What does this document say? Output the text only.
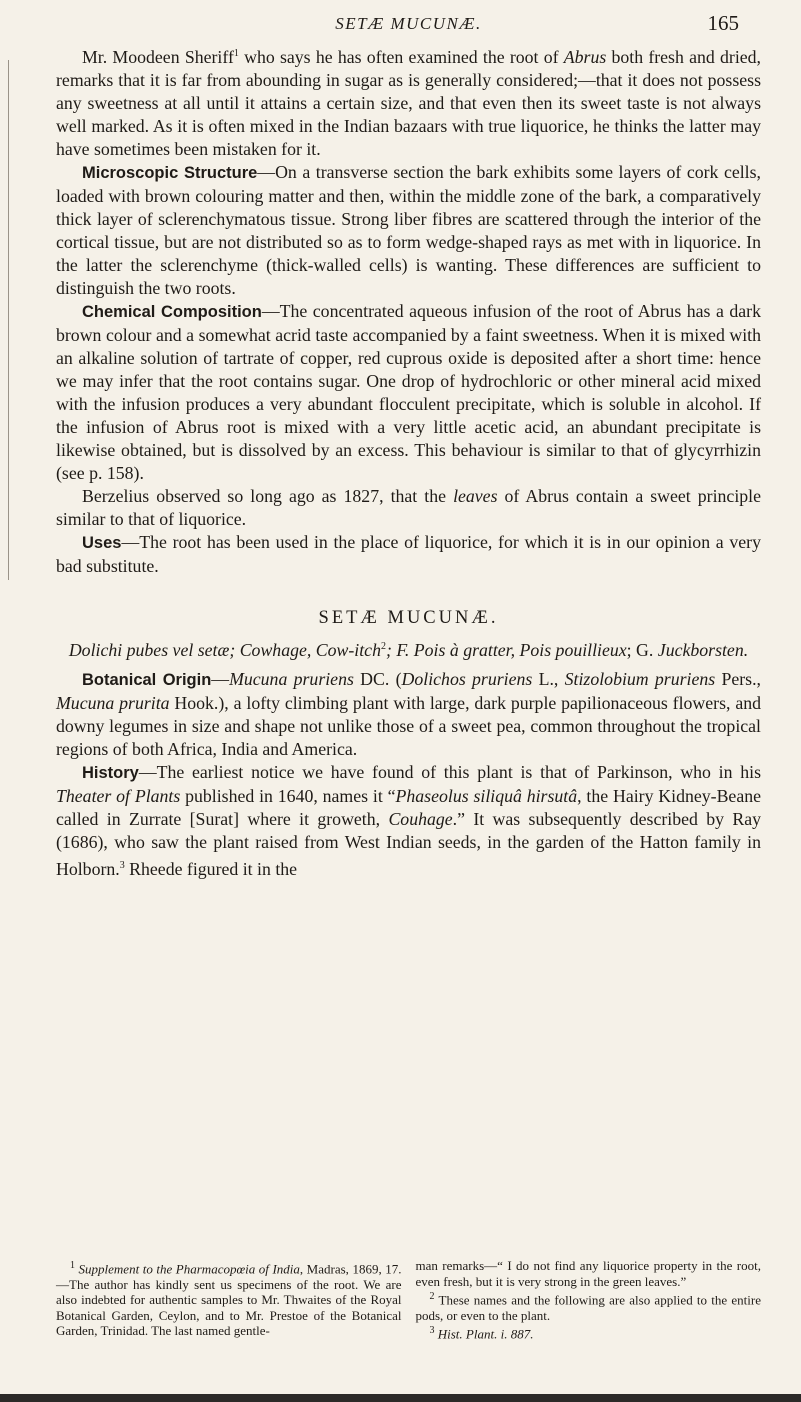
SETÆ MUCUNÆ.	165

Mr. Moodeen Sheriff$^1$ who says he has often examined the root of Abrus both fresh and dried, remarks that it is far from abounding in sugar as is generally considered;—that it does not possess any sweetness at all until it attains a certain size, and that even then its sweet taste is not always well marked. As it is often mixed in the Indian bazaars with true liquorice, he thinks the latter may have sometimes been mistaken for it.

Microscopic Structure—On a transverse section the bark exhibits some layers of cork cells, loaded with brown colouring matter and then, within the middle zone of the bark, a comparatively thick layer of sclerenchymatous tissue. Strong liber fibres are scattered through the interior of the cortical tissue, but are not distributed so as to form wedge-shaped rays as met with in liquorice. In the latter the sclerenchyme (thick-walled cells) is wanting. These differences are sufficient to distinguish the two roots.

Chemical Composition—The concentrated aqueous infusion of the root of Abrus has a dark brown colour and a somewhat acrid taste accompanied by a faint sweetness. When it is mixed with an alkaline solution of tartrate of copper, red cuprous oxide is deposited after a short time: hence we may infer that the root contains sugar. One drop of hydrochloric or other mineral acid mixed with the infusion produces a very abundant flocculent precipitate, which is soluble in alcohol. If the infusion of Abrus root is mixed with a very little acetic acid, an abundant precipitate is likewise obtained, but is dissolved by an excess. This behaviour is similar to that of glycyrrhizin (see p. 158).

Berzelius observed so long ago as 1827, that the leaves of Abrus contain a sweet principle similar to that of liquorice.

Uses—The root has been used in the place of liquorice, for which it is in our opinion a very bad substitute.

SETÆ MUCUNÆ.

Dolichi pubes vel setæ; Cowhage, Cow-itch$^2$; F. Pois à gratter, Pois pouillieux; G. Juckborsten.

Botanical Origin—Mucuna pruriens DC. (Dolichos pruriens L., Stizolobium pruriens Pers., Mucuna prurita Hook.), a lofty climbing plant with large, dark purple papilionaceous flowers, and downy legumes in size and shape not unlike those of a sweet pea, common throughout the tropical regions of both Africa, India and America.

History—The earliest notice we have found of this plant is that of Parkinson, who in his Theater of Plants published in 1640, names it “Phaseolus siliquâ hirsutâ, the Hairy Kidney-Beane called in Zurrate [Surat] where it groweth, Couhage.” It was subsequently described by Ray (1686), who saw the plant raised from West Indian seeds, in the garden of the Hatton family in Holborn.$^3$ Rheede figured it in the

$^1$ Supplement to the Pharmacopœia of India, Madras, 1869, 17.—The author has kindly sent us specimens of the root. We are also indebted for authentic samples to Mr. Thwaites of the Royal Botanical Garden, Ceylon, and to Mr. Prestoe of the Botanical Garden, Trinidad. The last named gentle-

man remarks—“ I do not find any liquorice property in the root, even fresh, but it is very strong in the green leaves.”

$^2$ These names and the following are also applied to the entire pods, or even to the plant.

$^3$ Hist. Plant. i. 887.
